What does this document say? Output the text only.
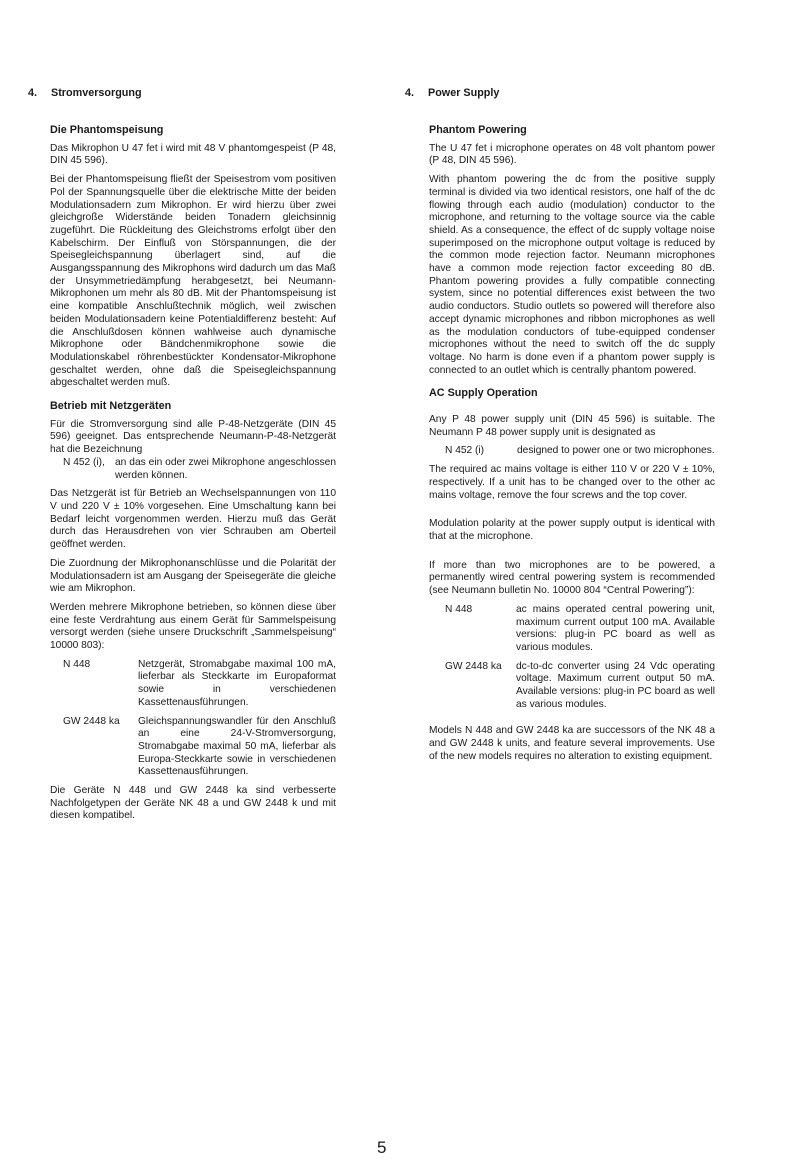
4. Stromversorgung	4. Power Supply
Die Phantomspeisung

Das Mikrophon U 47 fet i wird mit 48 V phantomgespeist (P 48, DIN 45 596).

Bei der Phantomspeisung fließt der Speisestrom vom positiven Pol der Spannungsquelle über die elektrische Mitte der beiden Modulationsadern zum Mikrophon. Er wird hierzu über zwei gleichgroße Widerstände beiden Tonadern gleichsinnig zugeführt. Die Rückleitung des Gleichstroms erfolgt über den Kabelschirm. Der Einfluß von Störspannungen, die der Speisegleichspannung überlagert sind, auf die Ausgangsspannung des Mikrophons wird dadurch um das Maß der Unsymmetriedämpfung herabgesetzt, bei Neumann-Mikrophonen um mehr als 80 dB. Mit der Phantomspeisung ist eine kompatible Anschlußtechnik möglich, weil zwischen beiden Modulationsadern keine Potentialdifferenz besteht: Auf die Anschlußdosen können wahlweise auch dynamische Mikrophone oder Bändchenmikrophone sowie die Modulationskabel röhrenbestückter Kondensator-Mikrophone geschaltet werden, ohne daß die Speisegleichspannung abgeschaltet werden muß.

Betrieb mit Netzgeräten

Für die Stromversorgung sind alle P-48-Netzgeräte (DIN 45 596) geeignet. Das entsprechende Neumann-P-48-Netzgerät hat die Bezeichnung

N 452 (i), an das ein oder zwei Mikrophone angeschlossen werden können.

Das Netzgerät ist für Betrieb an Wechselspannungen von 110 V und 220 V ± 10% vorgesehen. Eine Umschaltung kann bei Bedarf leicht vorgenommen werden. Hierzu muß das Gerät durch das Herausdrehen von vier Schrauben am Oberteil geöffnet werden.

Die Zuordnung der Mikrophonanschlüsse und die Polarität der Modulationsadern ist am Ausgang der Speisegeräte die gleiche wie am Mikrophon.

Werden mehrere Mikrophone betrieben, so können diese über eine feste Verdrahtung aus einem Gerät für Sammelspeisung versorgt werden (siehe unsere Druckschrift „Sammelspeisung“ 10000 803):

N 448	Netzgerät, Stromabgabe maximal 100 mA, lieferbar als Steckkarte im Europaformat sowie in verschiedenen Kassettenausführungen.
GW 2448 ka	Gleichspannungswandler für den Anschluß an eine 24-V-Stromversorgung, Stromabgabe maximal 50 mA, lieferbar als Europa-Steckkarte sowie in verschiedenen Kassettenausführungen.

Die Geräte N 448 und GW 2448 ka sind verbesserte Nachfolgetypen der Geräte NK 48 a und GW 2448 k und mit diesen kompatibel.

Phantom Powering

The U 47 fet i microphone operates on 48 volt phantom power (P 48, DIN 45 596).

With phantom powering the dc from the positive supply terminal is divided via two identical resistors, one half of the dc flowing through each audio (modulation) conductor to the microphone, and returning to the voltage source via the cable shield. As a consequence, the effect of dc supply voltage noise superimposed on the microphone output voltage is reduced by the common mode rejection factor. Neumann microphones have a common mode rejection factor exceeding 80 dB. Phantom powering provides a fully compatible connecting system, since no potential differences exist between the two audio conductors. Studio outlets so powered will therefore also accept dynamic microphones and ribbon microphones as well as the modulation conductors of tube-equipped condenser microphones without the need to switch off the dc supply voltage. No harm is done even if a phantom power supply is connected to an outlet which is centrally phantom powered.

AC Supply Operation

Any P 48 power supply unit (DIN 45 596) is suitable. The Neumann P 48 power supply unit is designated as

N 452 (i)	designed to power one or two microphones.

The required ac mains voltage is either 110 V or 220 V ± 10%, respectively. If a unit has to be changed over to the other ac mains voltage, remove the four screws and the top cover.

Modulation polarity at the power supply output is identical with that at the microphone.

If more than two microphones are to be powered, a permanently wired central powering system is recommended (see Neumann bulletin No. 10000 804 “Central Powering”):

N 448	ac mains operated central powering unit, maximum current output 100 mA. Available versions: plug-in PC board as well as various modules.
GW 2448 ka	dc-to-dc converter using 24 Vdc operating voltage. Maximum current output 50 mA. Available versions: plug-in PC board as well as various modules.

Models N 448 and GW 2448 ka are successors of the NK 48 a and GW 2448 k units, and feature several improvements. Use of the new models requires no alteration to existing equipment.

5
